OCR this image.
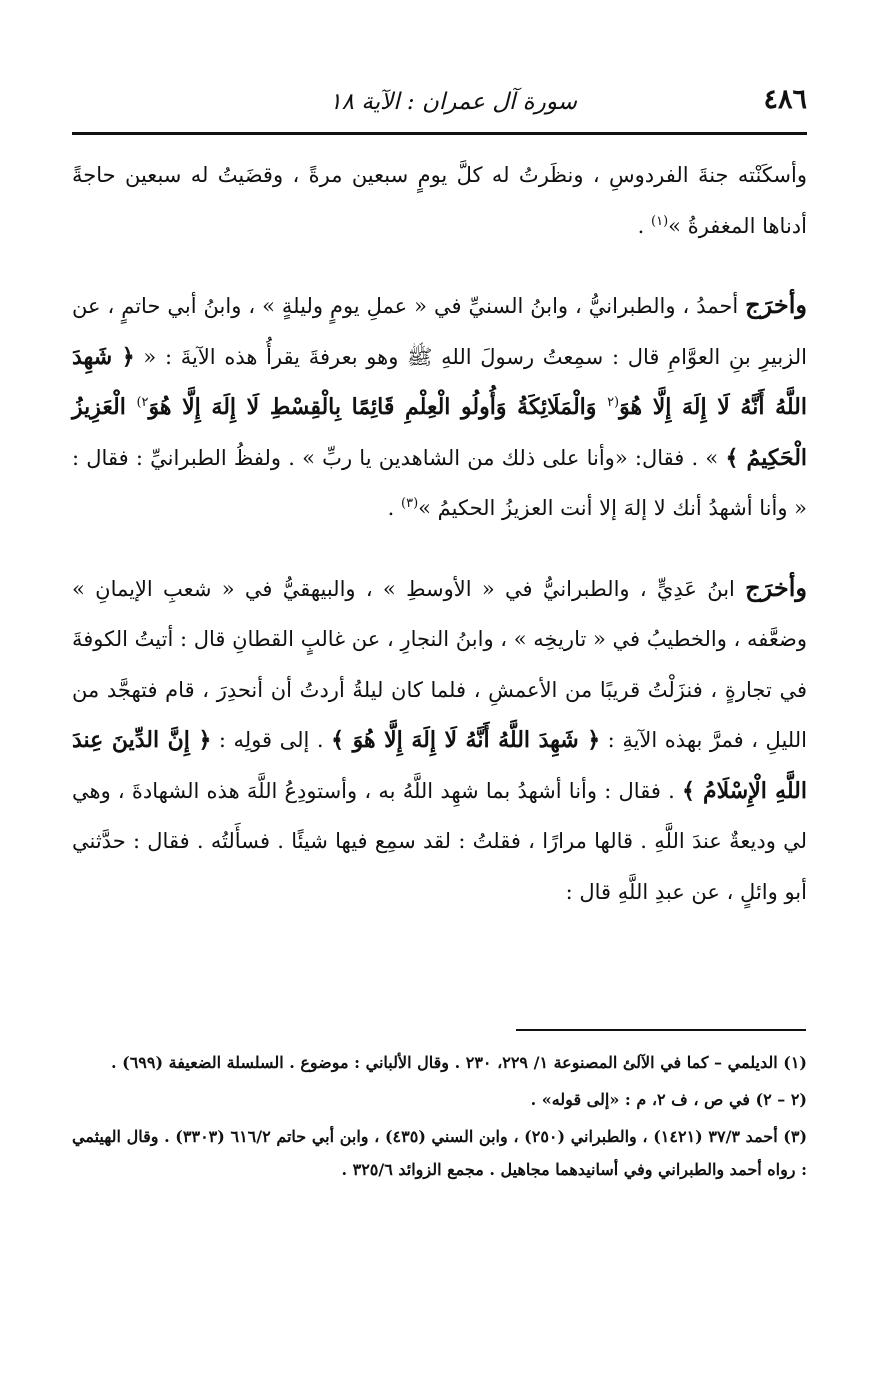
٤٨٦
سورة آل عمران : الآية ١٨

وأسكَنْته جنةَ الفردوسِ ، ونظَرتُ له كلَّ يومٍ سبعين مرةً ، وقضَيتُ له سبعين حاجةً أدناها المغفرةُ »$^{(١)}$ .

وأخرَج أحمدُ ، والطبرانيُّ ، وابنُ السنيِّ في « عملِ يومٍ وليلةٍ » ، وابنُ أبي حاتمٍ ، عن الزبيرِ بنِ العوَّامِ قال : سمِعتُ رسولَ اللهِ ﷺ وهو بعرفةَ يقرأُ هذه الآيةَ : « ﴿ شَهِدَ اللَّهُ أَنَّهُ لَا إِلَهَ إِلَّا هُوَ$^{(٢}$ وَالْمَلَائِكَةُ وَأُولُو الْعِلْمِ قَائِمًا بِالْقِسْطِ لَا إِلَهَ إِلَّا هُوَ$^{٢)}$ الْعَزِيزُ الْحَكِيمُ ﴾ » . فقال: «وأنا على ذلك من الشاهدين يا ربِّ » . ولفظُ الطبرانيِّ : فقال : « وأنا أشهدُ أنك لا إلهَ إلا أنت العزيزُ الحكيمُ »$^{(٣)}$ .

وأخرَج ابنُ عَدِيٍّ ، والطبرانيُّ في « الأوسطِ » ، والبيهقيُّ في « شعبِ الإيمانِ » وضعَّفه ، والخطيبُ في « تاريخِه » ، وابنُ النجارِ ، عن غالبٍ القطانِ قال : أتيتُ الكوفةَ في تجارةٍ ، فنزَلْتُ قريبًا من الأعمشِ ، فلما كان ليلةُ أردتُ أن أنحدِرَ ، قام فتهجَّد من الليلِ ، فمرَّ بهذه الآيةِ : ﴿ شَهِدَ اللَّهُ أَنَّهُ لَا إِلَهَ إِلَّا هُوَ ﴾ . إلى قولِه : ﴿ إِنَّ الدِّينَ عِندَ اللَّهِ الْإِسْلَامُ ﴾ . فقال : وأنا أشهدُ بما شهِد اللَّهُ به ، وأستودِعُ اللَّهَ هذه الشهادةَ ، وهي لي وديعةٌ عندَ اللَّهِ . قالها مرارًا ، فقلتُ : لقد سمِع فيها شيئًا . فسأَلتُه . فقال : حدَّثني أبو وائلٍ ، عن عبدِ اللَّهِ قال :

(١) الديلمي – كما في الآلئ المصنوعة ١/ ٢٢٩، ٢٣٠ . وقال الألباني : موضوع . السلسلة الضعيفة (٦٩٩) .

(٢ – ٢) في ص ، ف ٢، م : «إلى قوله» .

(٣) أحمد ٣٧/٣ (١٤٢١) ، والطبراني (٢٥٠) ، وابن السني (٤٣٥) ، وابن أبي حاتم ٦١٦/٢ (٣٣٠٣) . وقال الهيثمي : رواه أحمد والطبراني وفي أسانيدهما مجاهيل . مجمع الزوائد ٣٢٥/٦ .
